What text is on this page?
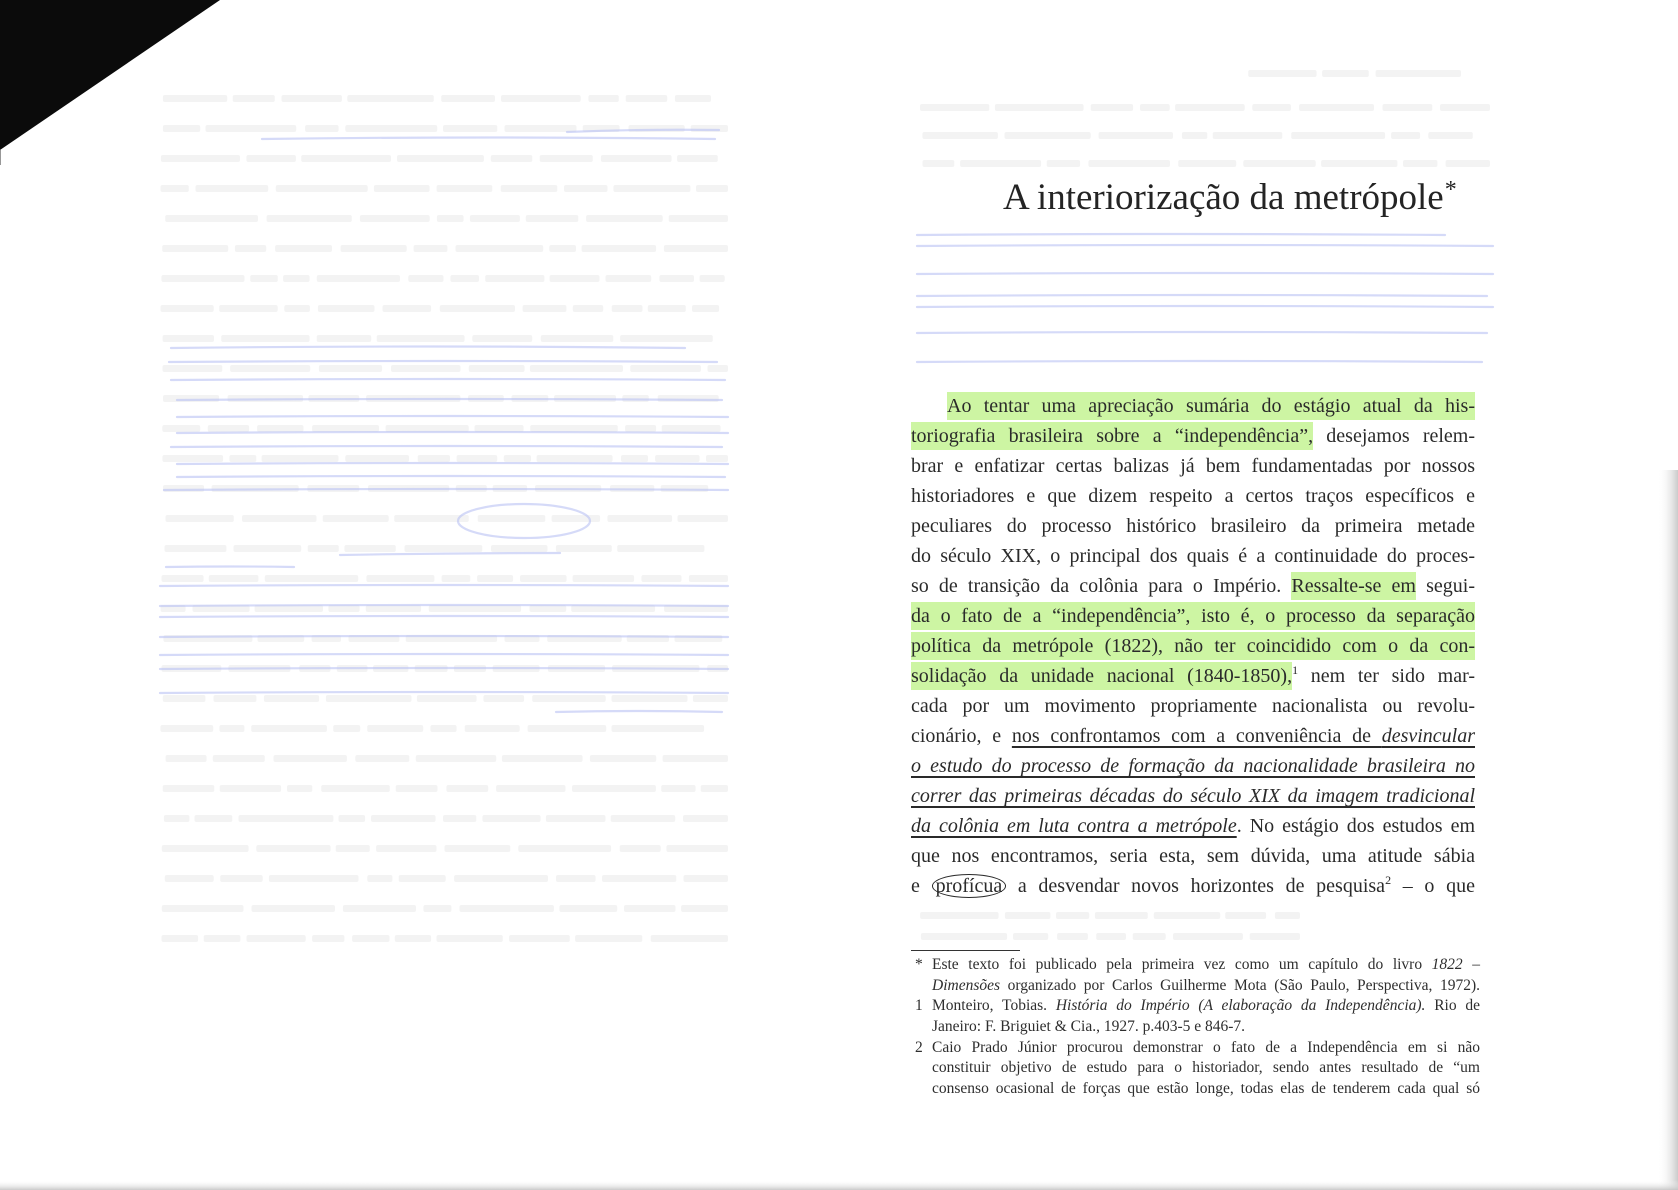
A interiorização da metrópole*
Ao tentar uma apreciação sumária do estágio atual da his-
toriografia brasileira sobre a “independência”, desejamos relem-
brar e enfatizar certas balizas já bem fundamentadas por nossos
historiadores e que dizem respeito a certos traços específicos e
peculiares do processo histórico brasileiro da primeira metade
do século XIX, o principal dos quais é a continuidade do proces-
so de transição da colônia para o Império. Ressalte-se em segui-
da o fato de a “independência”, isto é, o processo da separação
política da metrópole (1822), não ter coincidido com o da con-
solidação da unidade nacional (1840-1850),$^1$ nem ter sido mar-
cada por um movimento propriamente nacionalista ou revolu-
cionário, e nos confrontamos com a conveniência de desvincular
o estudo do processo de formação da nacionalidade brasileira no
correr das primeiras décadas do século XIX da imagem tradicional
da colônia em luta contra a metrópole. No estágio dos estudos em
que nos encontramos, seria esta, sem dúvida, uma atitude sábia
e profícua a desvendar novos horizontes de pesquisa$^2$ – o que
* Este texto foi publicado pela primeira vez como um capítulo do livro 1822 –
Dimensões organizado por Carlos Guilherme Mota (São Paulo, Perspectiva, 1972).
1 Monteiro, Tobias. História do Império (A elaboração da Independência). Rio de
Janeiro: F. Briguiet & Cia., 1927. p.403-5 e 846-7.
2 Caio Prado Júnior procurou demonstrar o fato de a Independência em si não
constituir objetivo de estudo para o historiador, sendo antes resultado de “um
consenso ocasional de forças que estão longe, todas elas de tenderem cada qual só
